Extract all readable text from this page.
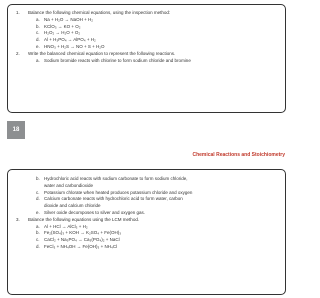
1. Balance the following chemical equations, using the inspection method:

a. Na + H₂O → NaOH + H₂
b. KClO₃ → KO + O₂
c. H₂O₂ → H₂O + O₂
d. Al + H₃PO₄ → AlPO₄ + H₂
e. HNO₃ + H₂S → NO + S + H₂O

2. Write the balanced chemical equation to represent the following reactions.

a. Sodium bromide reacts with chlorine to form sodium chloride and bromine
18
Chemical Reactions and Stoichiometry
b. Hydrochloric acid reacts with sodium carbonate to form sodium chloride,
water and carbondioxide
c. Potassium chlorate when heated produces potassium chloride and oxygen
d. Calcium carbonate reacts with hydrochloric acid to form water, carbon
dioxide and calcium chloride
e. Silver oxide decomposes to silver and oxygen gas.

3. Balance the following equations using the LCM method.

a. Al + HCl → AlCl₃ + H₂
b. Fe₂(SO₄)₃ + KOH → K₂SO₄ + Fe(OH)₃
c. CaCl₂ + Na₃PO₄ → Ca₃(PO₄)₂ + NaCl
d. FeCl₃ + NH₄OH → Fe(OH)₃ + NH₄Cl
